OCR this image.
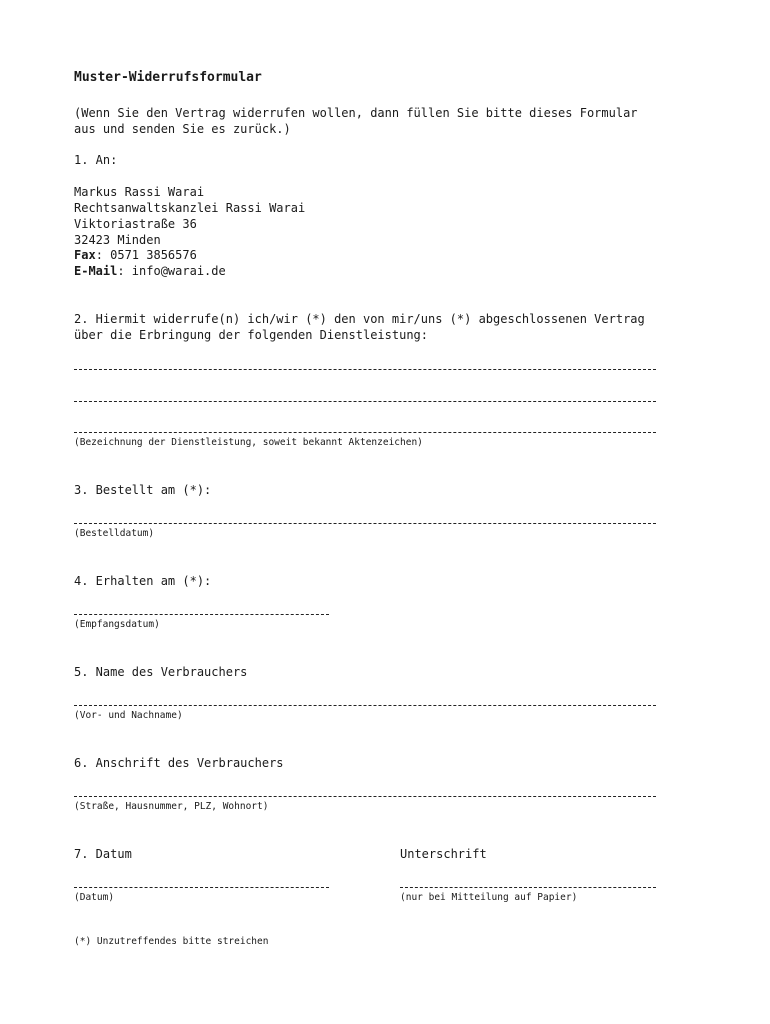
Muster-Widerrufsformular
(Wenn Sie den Vertrag widerrufen wollen, dann füllen Sie bitte dieses Formular
aus und senden Sie es zurück.)
1. An:
Markus Rassi Warai
Rechtsanwaltskanzlei Rassi Warai
Viktoriastraße 36
32423 Minden
Fax: 0571 3856576
E-Mail: info@warai.de
2. Hiermit widerrufe(n) ich/wir (*) den von mir/uns (*) abgeschlossenen Vertrag
über die Erbringung der folgenden Dienstleistung:
(Bezeichnung der Dienstleistung, soweit bekannt Aktenzeichen)
3. Bestellt am (*):
(Bestelldatum)
4. Erhalten am (*):
(Empfangsdatum)
5. Name des Verbrauchers
(Vor- und Nachname)
6. Anschrift des Verbrauchers
(Straße, Hausnummer, PLZ, Wohnort)
7. Datum	Unterschrift
(Datum)	(nur bei Mitteilung auf Papier)
(*) Unzutreffendes bitte streichen
